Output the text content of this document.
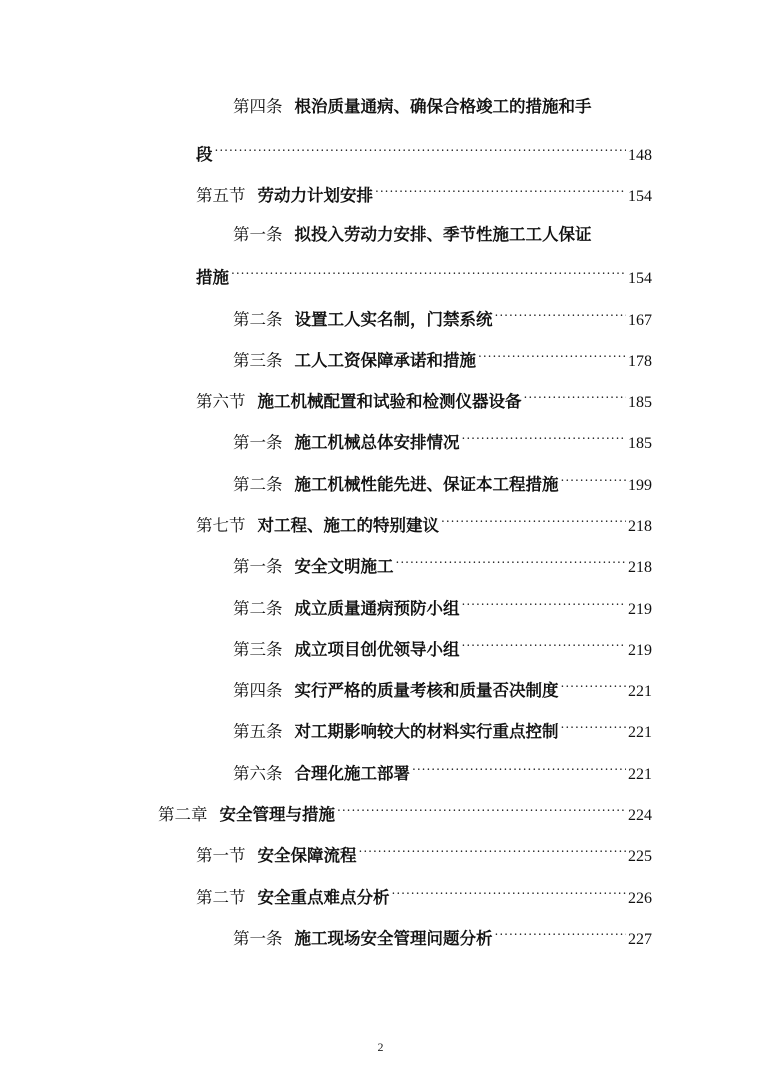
第四条 根治质量通病、确保合格竣工的措施和手
段 .....	148
第五节 劳动力计划安排 .....	154
第一条 拟投入劳动力安排、季节性施工工人保证
措施 .....	154
第二条 设置工人实名制，门禁系统 .....	167
第三条 工人工资保障承诺和措施 .....	178
第六节 施工机械配置和试验和检测仪器设备 .....	185
第一条 施工机械总体安排情况 .....	185
第二条 施工机械性能先进、保证本工程措施 .....	199
第七节 对工程、施工的特别建议 .....	218
第一条 安全文明施工 .....	218
第二条 成立质量通病预防小组 .....	219
第三条 成立项目创优领导小组 .....	219
第四条 实行严格的质量考核和质量否决制度 .....	221
第五条 对工期影响较大的材料实行重点控制 .....	221
第六条 合理化施工部署 .....	221
第二章 安全管理与措施 .....	224
第一节 安全保障流程 .....	225
第二节 安全重点难点分析 .....	226
第一条 施工现场安全管理问题分析 .....	227
2
